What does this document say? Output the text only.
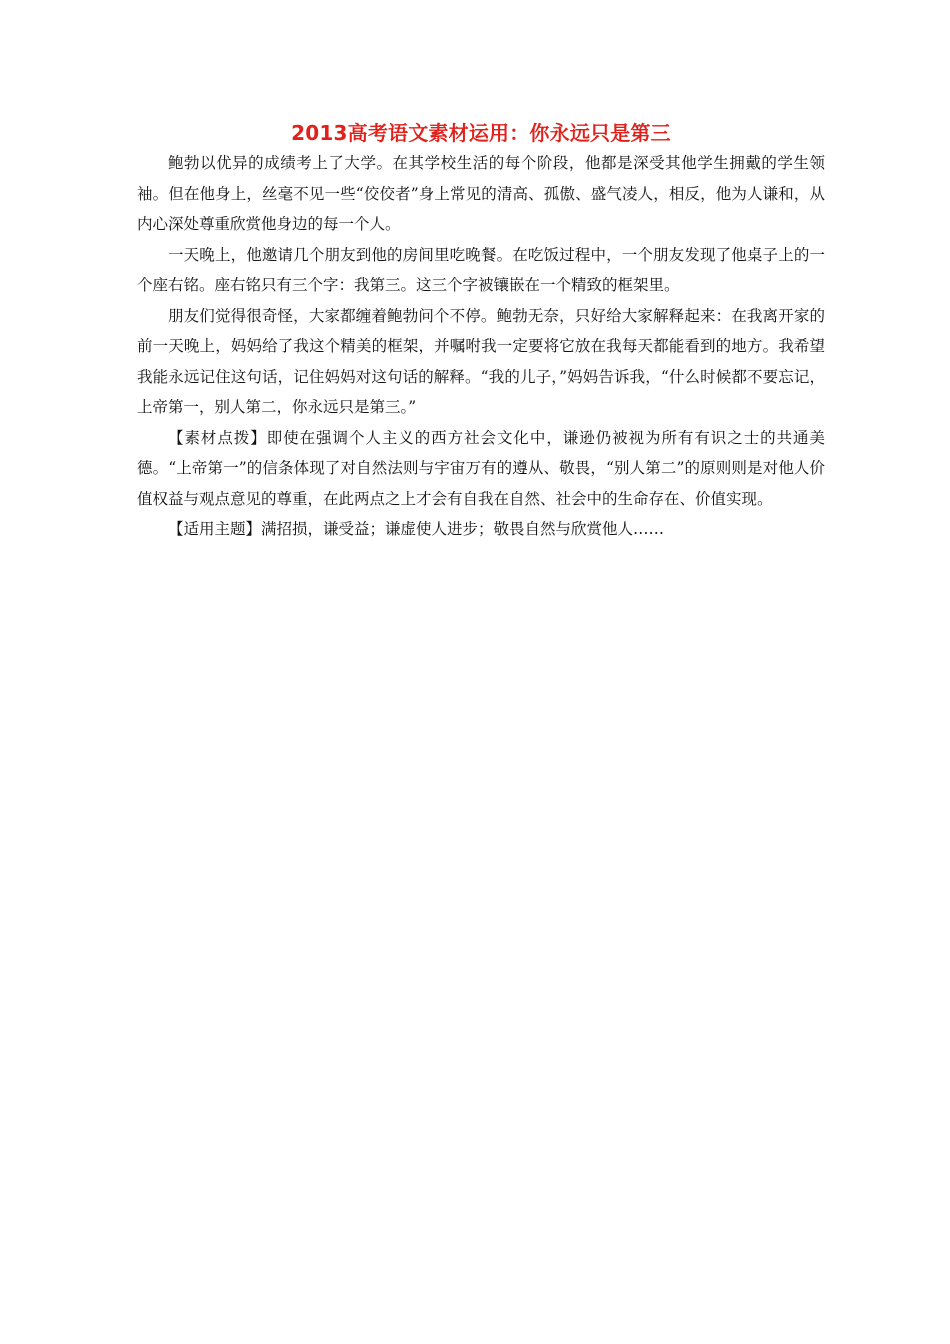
2013高考语文素材运用：你永远只是第三

鲍勃以优异的成绩考上了大学。在其学校生活的每个阶段，他都是深受其他学生拥戴的学生领袖。但在他身上，丝毫不见一些“佼佼者”身上常见的清高、孤傲、盛气凌人，相反，他为人谦和，从内心深处尊重欣赏他身边的每一个人。

一天晚上，他邀请几个朋友到他的房间里吃晚餐。在吃饭过程中，一个朋友发现了他桌子上的一个座右铭。座右铭只有三个字：我第三。这三个字被镶嵌在一个精致的框架里。

朋友们觉得很奇怪，大家都缠着鲍勃问个不停。鲍勃无奈，只好给大家解释起来：在我离开家的前一天晚上，妈妈给了我这个精美的框架，并嘱咐我一定要将它放在我每天都能看到的地方。我希望我能永远记住这句话，记住妈妈对这句话的解释。“我的儿子，”妈妈告诉我，“什么时候都不要忘记，上帝第一，别人第二，你永远只是第三。”

【素材点拨】即使在强调个人主义的西方社会文化中，谦逊仍被视为所有有识之士的共通美德。“上帝第一”的信条体现了对自然法则与宇宙万有的遵从、敬畏，“别人第二”的原则则是对他人价值权益与观点意见的尊重，在此两点之上才会有自我在自然、社会中的生命存在、价值实现。

【适用主题】满招损，谦受益；谦虚使人进步；敬畏自然与欣赏他人……
